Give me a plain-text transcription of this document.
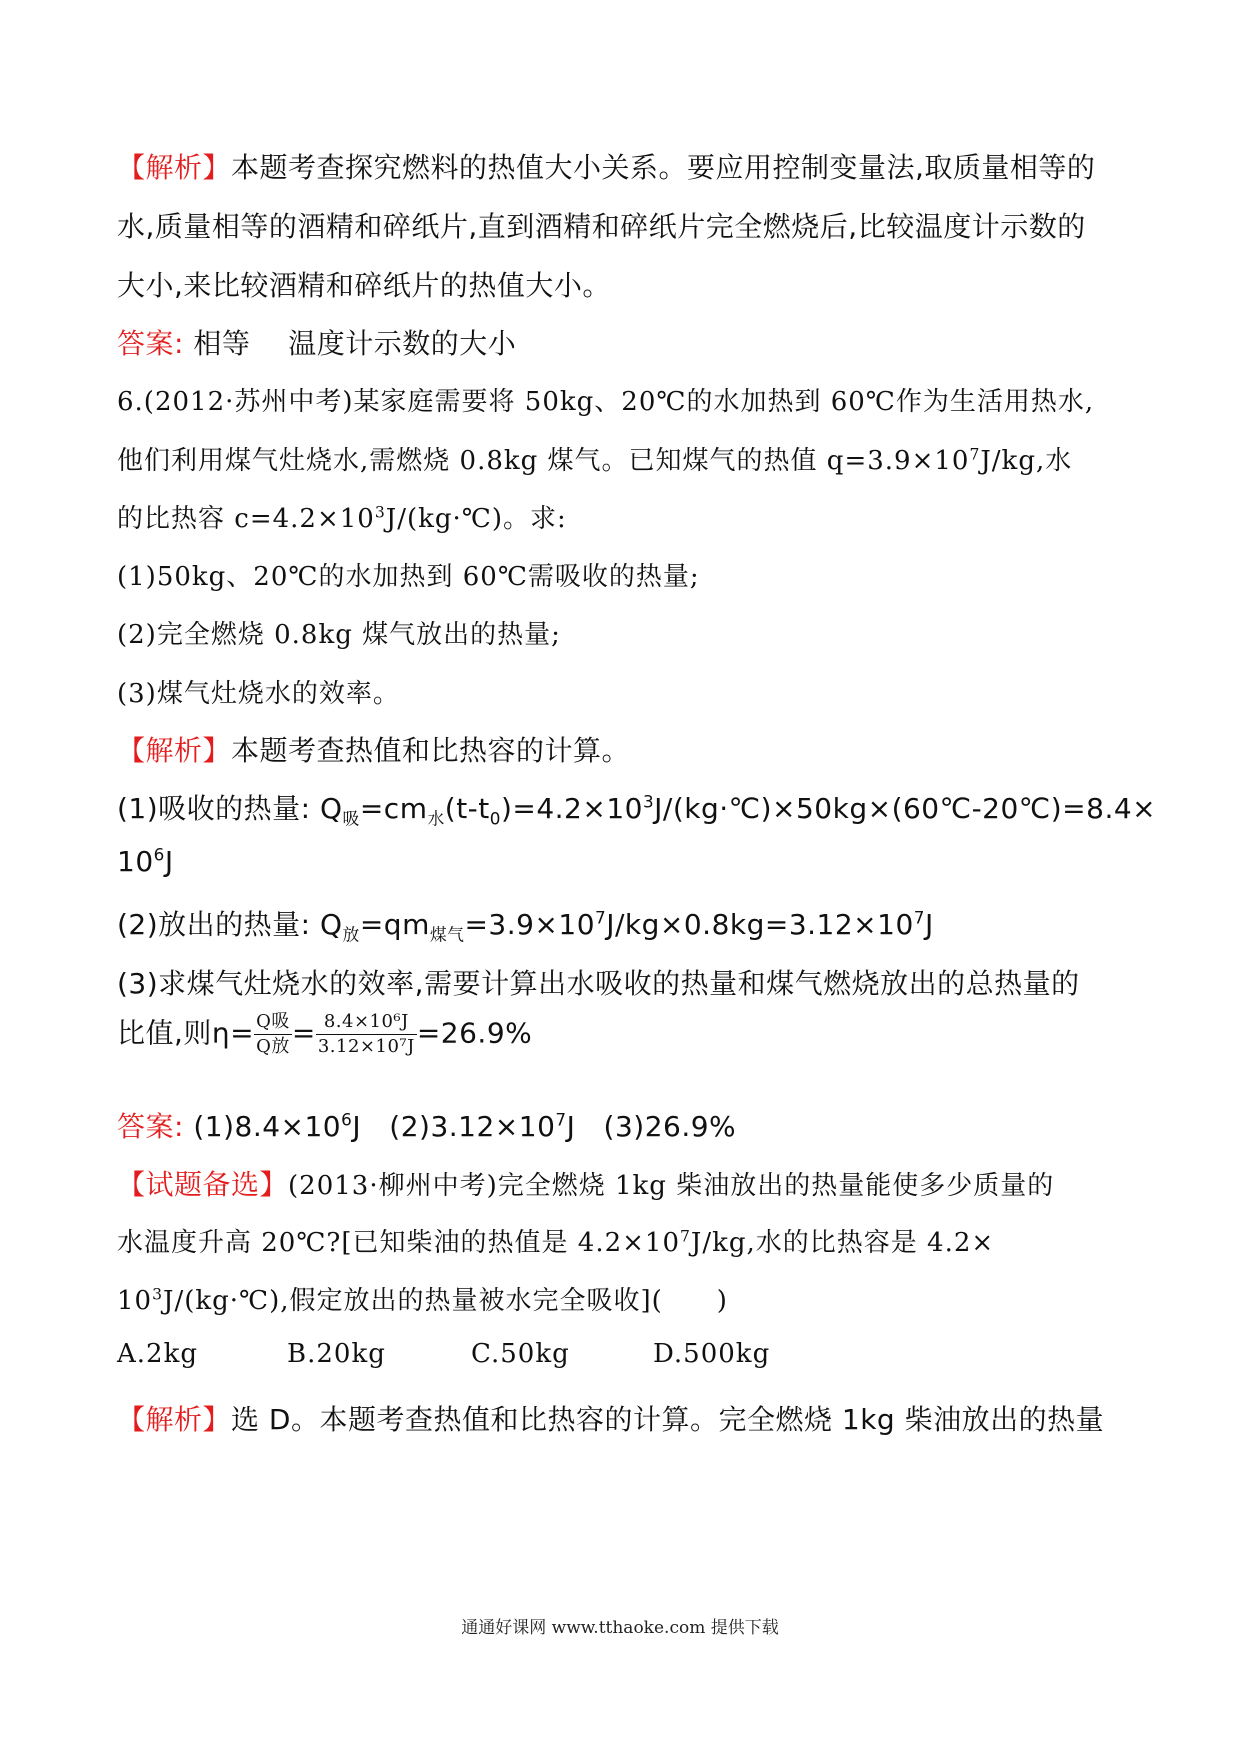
【解析】本题考查探究燃料的热值大小关系。要应用控制变量法,取质量相等的
水,质量相等的酒精和碎纸片,直到酒精和碎纸片完全燃烧后,比较温度计示数的
大小,来比较酒精和碎纸片的热值大小。
答案: 相等　 温度计示数的大小
6.(2012·苏州中考)某家庭需要将 50kg、20℃的水加热到 60℃作为生活用热水,
他们利用煤气灶烧水,需燃烧 0.8kg 煤气。已知煤气的热值 $q=3.9\times 10^7J/kg$,水
的比热容 $c=4.2\times 10^3J/(kg\cdot℃)$。求:
(1)50kg、20℃的水加热到 60℃需吸收的热量;
(2)完全燃烧 0.8kg 煤气放出的热量;
(3)煤气灶烧水的效率。
【解析】本题考查热值和比热容的计算。
(1)吸收的热量: $Q_吸=cm_水(t-t_0)=4.2\times 10^3J/(kg\cdot℃)\times 50kg\times(60℃-20℃)=8.4\times$
$10^6J$
(2)放出的热量: $Q_放=qm_{煤气}=3.9\times 10^7J/kg\times 0.8kg=3.12\times 10^7J$
(3)求煤气灶烧水的效率,需要计算出水吸收的热量和煤气燃烧放出的总热量的
比值,则$\eta= \frac{\text{Q吸}}{\text{Q放}} = \frac{\text{8.4×10⁶J}}{\text{3.12×10⁷J}} =26.9\%$
答案: $(1)8.4\times 10^6J$ $(2)3.12\times 10^7J$ (3)26.9%
【试题备选】(2013·柳州中考)完全燃烧 1kg 柴油放出的热量能使多少质量的
水温度升高 20℃?[已知柴油的热值是 $4.2\times 10^7J/kg$,水的比热容是 4.2×
$10^3J/(kg\cdot℃)$,假定放出的热量被水完全吸收](　　)
A.2kg	B.20kg	C.50kg	D.500kg
【解析】选 D。本题考查热值和比热容的计算。完全燃烧 1kg 柴油放出的热量
通通好课网 www.tthaoke.com 提供下载
